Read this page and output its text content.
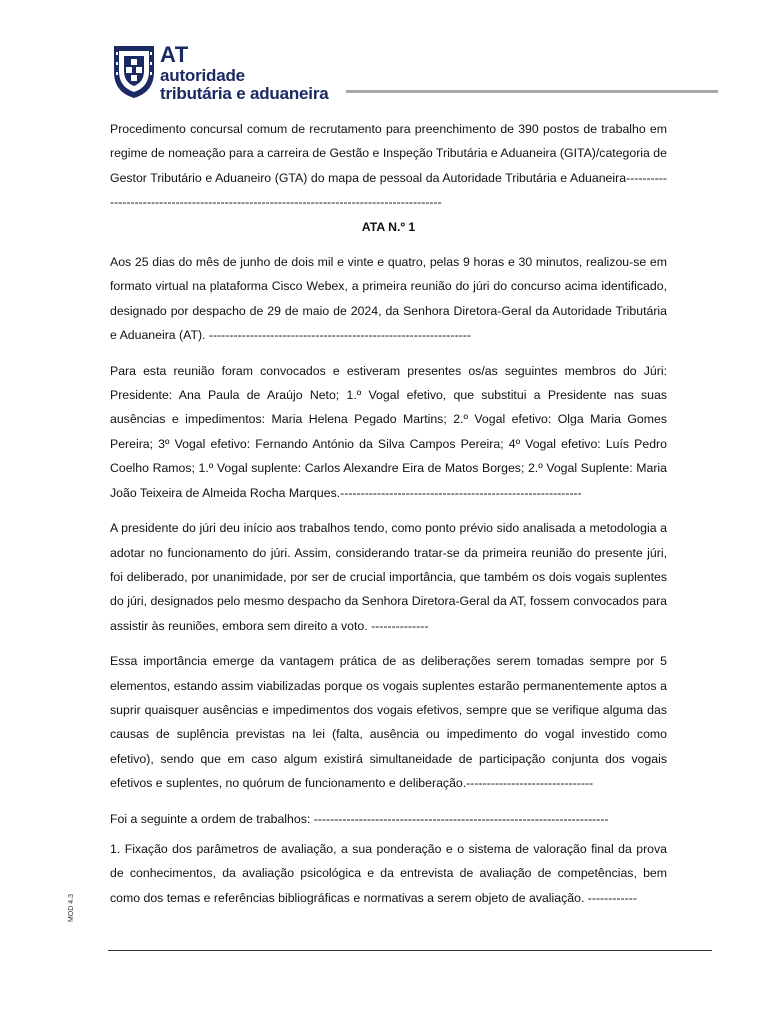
AT
autoridade
tributária e aduaneira

Procedimento concursal comum de recrutamento para preenchimento de 390 postos de trabalho em regime de nomeação para a carreira de Gestão e Inspeção Tributária e Aduaneira (GITA)/categoria de Gestor Tributário e Aduaneiro (GTA) do mapa de pessoal da Autoridade Tributária e Aduaneira-------------------------------------------------------------------------------------------

ATA N.º 1

Aos 25 dias do mês de junho de dois mil e vinte e quatro, pelas 9 horas e 30 minutos, realizou-se em formato virtual na plataforma Cisco Webex, a primeira reunião do júri do concurso acima identificado, designado por despacho de 29 de maio de 2024, da Senhora Diretora-Geral da Autoridade Tributária e Aduaneira (AT). ----------------------------------------------------------------

Para esta reunião foram convocados e estiveram presentes os/as seguintes membros do Júri: Presidente: Ana Paula de Araújo Neto; 1.º Vogal efetivo, que substitui a Presidente nas suas ausências e impedimentos: Maria Helena Pegado Martins; 2.º Vogal efetivo: Olga Maria Gomes Pereira; 3º Vogal efetivo: Fernando António da Silva Campos Pereira; 4º Vogal efetivo: Luís Pedro Coelho Ramos; 1.º Vogal suplente: Carlos Alexandre Eira de Matos Borges; 2.º Vogal Suplente: Maria João Teixeira de Almeida Rocha Marques.-----------------------------------------------------------

A presidente do júri deu início aos trabalhos tendo, como ponto prévio sido analisada a metodologia a adotar no funcionamento do júri. Assim, considerando tratar-se da primeira reunião do presente júri, foi deliberado, por unanimidade, por ser de crucial importância, que também os dois vogais suplentes do júri, designados pelo mesmo despacho da Senhora Diretora-Geral da AT, fossem convocados para assistir às reuniões, embora sem direito a voto. --------------

Essa importância emerge da vantagem prática de as deliberações serem tomadas sempre por 5 elementos, estando assim viabilizadas porque os vogais suplentes estarão permanentemente aptos a suprir quaisquer ausências e impedimentos dos vogais efetivos, sempre que se verifique alguma das causas de suplência previstas na lei (falta, ausência ou impedimento do vogal investido como efetivo), sendo que em caso algum existirá simultaneidade de participação conjunta dos vogais efetivos e suplentes, no quórum de funcionamento e deliberação.-------------------------------

Foi a seguinte a ordem de trabalhos: ------------------------------------------------------------------------

1. Fixação dos parâmetros de avaliação, a sua ponderação e o sistema de valoração final da prova de conhecimentos, da avaliação psicológica e da entrevista de avaliação de competências, bem como dos temas e referências bibliográficas e normativas a serem objeto de avaliação. ------------

MOD 4.3
